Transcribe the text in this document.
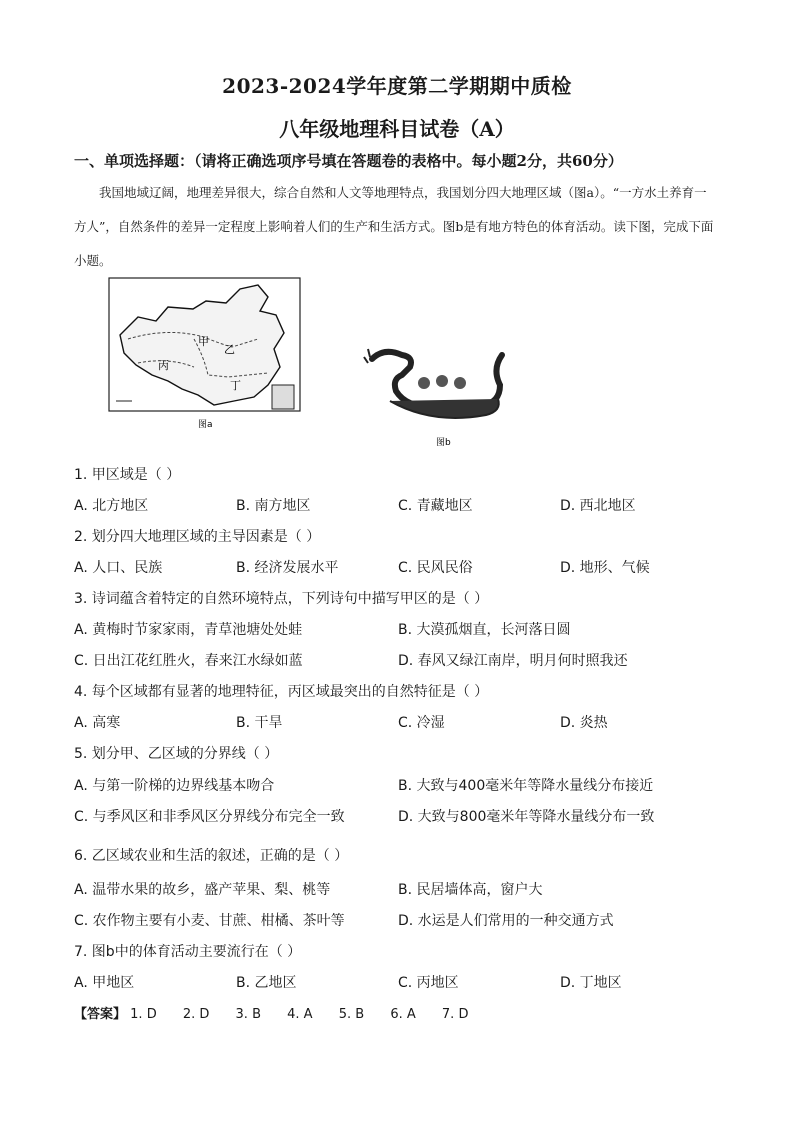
2023-2024学年度第二学期期中质检
八年级地理科目试卷（A）
一、单项选择题：（请将正确选项序号填在答题卷的表格中。每小题2分，共60分）
我国地域辽阔，地理差异很大，综合自然和人文等地理特点，我国划分四大地理区域（图a）。“一方水土养育一方人”，自然条件的差异一定程度上影响着人们的生产和生活方式。图b是有地方特色的体育活动。读下图，完成下面小题。
甲
乙
丙
丁
图a
图b
1. 甲区域是（ ）
A. 北方地区	B. 南方地区	C. 青藏地区	D. 西北地区
2. 划分四大地理区域的主导因素是（ ）
A. 人口、民族	B. 经济发展水平	C. 民风民俗	D. 地形、气候
3. 诗词蕴含着特定的自然环境特点，下列诗句中描写甲区的是（ ）
A. 黄梅时节家家雨，青草池塘处处蛙	B. 大漠孤烟直，长河落日圆
C. 日出江花红胜火，春来江水绿如蓝	D. 春风又绿江南岸，明月何时照我还
4. 每个区域都有显著的地理特征，丙区域最突出的自然特征是（ ）
A. 高寒	B. 干旱	C. 冷湿	D. 炎热
5. 划分甲、乙区域的分界线（ ）
A. 与第一阶梯的边界线基本吻合	B. 大致与400毫米年等降水量线分布接近
C. 与季风区和非季风区分界线分布完全一致	D. 大致与800毫米年等降水量线分布一致
6. 乙区域农业和生活的叙述，正确的是（ ）
A. 温带水果的故乡，盛产苹果、梨、桃等	B. 民居墙体高，窗户大
C. 农作物主要有小麦、甘蔗、柑橘、茶叶等	D. 水运是人们常用的一种交通方式
7. 图b中的体育活动主要流行在（ ）
A. 甲地区	B. 乙地区	C. 丙地区	D. 丁地区
【答案】 1. D 2. D 3. B 4. A 5. B 6. A 7. D
